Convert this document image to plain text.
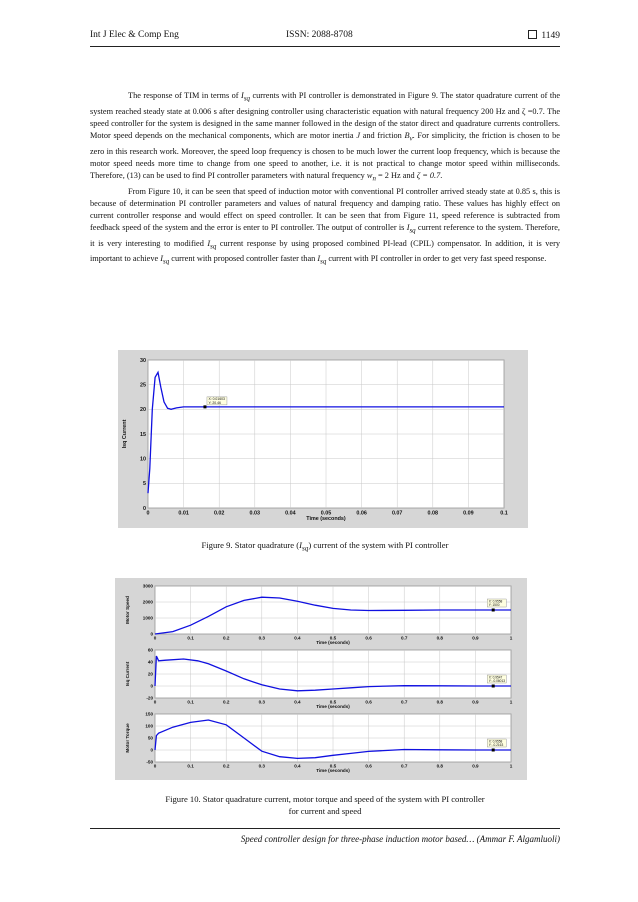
Int J Elec & Comp Eng	ISSN: 2088-8708	1149

The response of TIM in terms of $I_{sq}$ currents with PI controller is demonstrated in Figure 9. The stator quadrature current of the system reached steady state at 0.006 s after designing controller using characteristic equation with natural frequency 200 Hz and ζ =0.7. The speed controller for the system is designed in the same manner followed in the design of the stator direct and quadrature currents controllers. Motor speed depends on the mechanical components, which are motor inertia J and friction $B_v$. For simplicity, the friction is chosen to be zero in this research work. Moreover, the speed loop frequency is chosen to be much lower the current loop frequency, which is because the motor speed needs more time to change from one speed to another, i.e. it is not practical to change motor speed within milliseconds. Therefore, (13) can be used to find PI controller parameters with natural frequency $w_n = 2$ Hz and ζ = 0.7.

From Figure 10, it can be seen that speed of induction motor with conventional PI controller arrived steady state at 0.85 s, this is because of determination PI controller parameters and values of natural frequency and damping ratio. These values has highly effect on current controller response and would effect on speed controller. It can be seen that from Figure 11, speed reference is subtracted from feedback speed of the system and the error is enter to PI controller. The output of controller is $I_{sq}$ current reference to the system. Therefore, it is very interesting to modified $I_{sq}$ current response by using proposed combined PI-lead (CPIL) compensator. In addition, it is very important to achieve $I_{sq}$ current with proposed controller faster than $I_{sq}$ current with PI controller in order to get very fast speed response.

0	0.01	0.02	0.03	0.04	0.05	0.06	0.07	0.08	0.09	0.1
0
5
10
15
20
25
30
Time (seconds)
Isq Current
X: 0.01603
Y: 20.46
Figure 9. Stator quadrature $(I_{sq})$ current of the system with PI controller
0	0.1	0.2	0.3	0.4	0.5	0.6	0.7	0.8	0.9	1
0
1000
2000
3000
Time (seconds)
Motor Speed	X: 0.9558
Y: 1500
0	0.1	0.2	0.3	0.4	0.5	0.6	0.7	0.8	0.9	1
-20
0
20
40
60
Time (seconds)
Isq Current	X: 0.9547
Y: -0.06013
0	0.1	0.2	0.3	0.4	0.5	0.6	0.7	0.8	0.9	1
-50
0
50
100
150
Time (seconds)
Motor Torque	X: 0.9558
Y: -0.2163
Figure 10. Stator quadrature current, motor torque and speed of the system with PI controller
for current and speed
Speed controller design for three-phase induction motor based… (Ammar F. Algamluoli)
